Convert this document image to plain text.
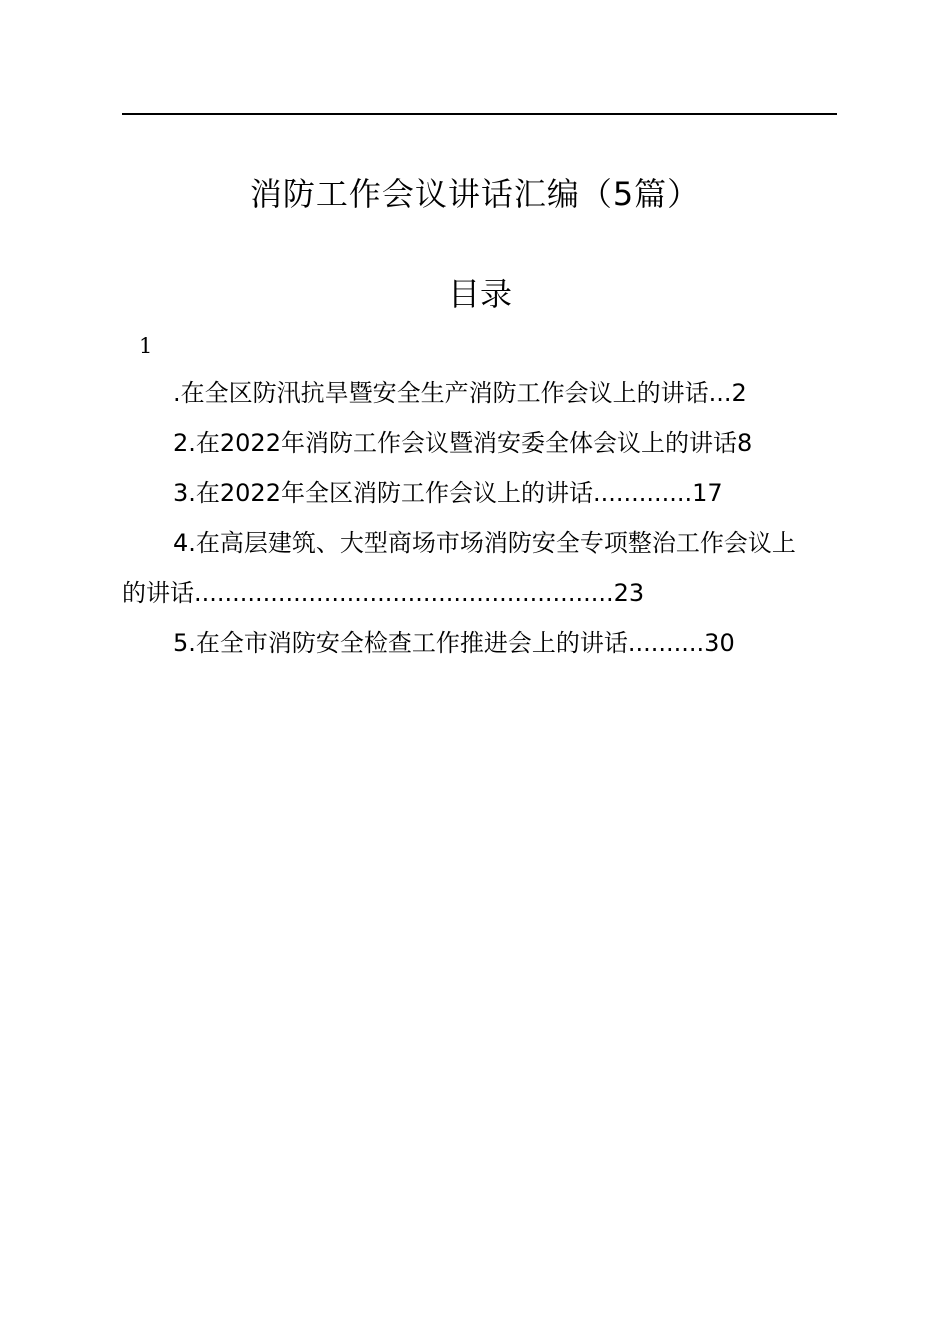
消防工作会议讲话汇编（5篇）
目录
1
.在全区防汛抗旱暨安全生产消防工作会议上的讲话...2
2.在2022年消防工作会议暨消安委全体会议上的讲话8
3.在2022年全区消防工作会议上的讲话.............17
4.在高层建筑、大型商场市场消防安全专项整治工作会议上
的讲话.......................................................23
5.在全市消防安全检查工作推进会上的讲话..........30
